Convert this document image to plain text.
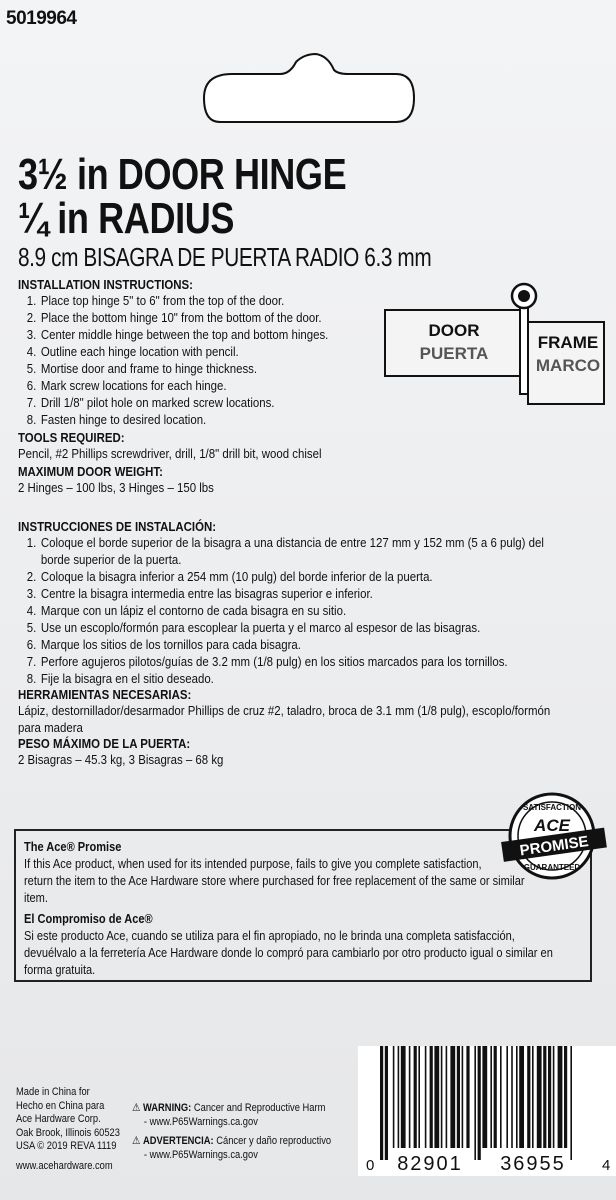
5019964
3½ in DOOR HINGE
¼ in RADIUS
8.9 cm BISAGRA DE PUERTA RADIO 6.3 mm
INSTALLATION INSTRUCTIONS:
1. Place top hinge 5" to 6" from the top of the door.
2. Place the bottom hinge 10" from the bottom of the door.
3. Center middle hinge between the top and bottom hinges.
4. Outline each hinge location with pencil.
5. Mortise door and frame to hinge thickness.
6. Mark screw locations for each hinge.
7. Drill 1/8" pilot hole on marked screw locations.
8. Fasten hinge to desired location.
TOOLS REQUIRED:
Pencil, #2 Phillips screwdriver, drill, 1/8" drill bit, wood chisel
MAXIMUM DOOR WEIGHT:
2 Hinges – 100 lbs, 3 Hinges – 150 lbs
DOOR
PUERTA
FRAME
MARCO
INSTRUCCIONES DE INSTALACIÓN:
1. Coloque el borde superior de la bisagra a una distancia de entre 127 mm y 152 mm (5 a 6 pulg) del
borde superior de la puerta.
2. Coloque la bisagra inferior a 254 mm (10 pulg) del borde inferior de la puerta.
3. Centre la bisagra intermedia entre las bisagras superior e inferior.
4. Marque con un lápiz el contorno de cada bisagra en su sitio.
5. Use un escoplo/formón para escoplear la puerta y el marco al espesor de las bisagras.
6. Marque los sitios de los tornillos para cada bisagra.
7. Perfore agujeros pilotos/guías de 3.2 mm (1/8 pulg) en los sitios marcados para los tornillos.
8. Fije la bisagra en el sitio deseado.
HERRAMIENTAS NECESARIAS:
Lápiz, destornillador/desarmador Phillips de cruz #2, taladro, broca de 3.1 mm (1/8 pulg), escoplo/formón
para madera
PESO MÁXIMO DE LA PUERTA:
2 Bisagras – 45.3 kg, 3 Bisagras – 68 kg
The Ace® Promise
If this Ace product, when used for its intended purpose, fails to give you complete satisfaction,
return the item to the Ace Hardware store where purchased for free replacement of the same or similar
item.
El Compromiso de Ace®
Si este producto Ace, cuando se utiliza para el fin apropiado, no le brinda una completa satisfacción,
devuélvalo a la ferretería Ace Hardware donde lo compró para cambiarlo por otro producto igual o similar en
forma gratuita.
SATISFACTION
ACE
PROMISE
GUARANTEED
Made in China for
Hecho en China para
Ace Hardware Corp.
Oak Brook, Illinois 60523
USA © 2019 REVA 1119
www.acehardware.com
⚠ WARNING: Cancer and Reproductive Harm
- www.P65Warnings.ca.gov
⚠ ADVERTENCIA: Cáncer y daño reproductivo
- www.P65Warnings.ca.gov
0 82901 36955 4
